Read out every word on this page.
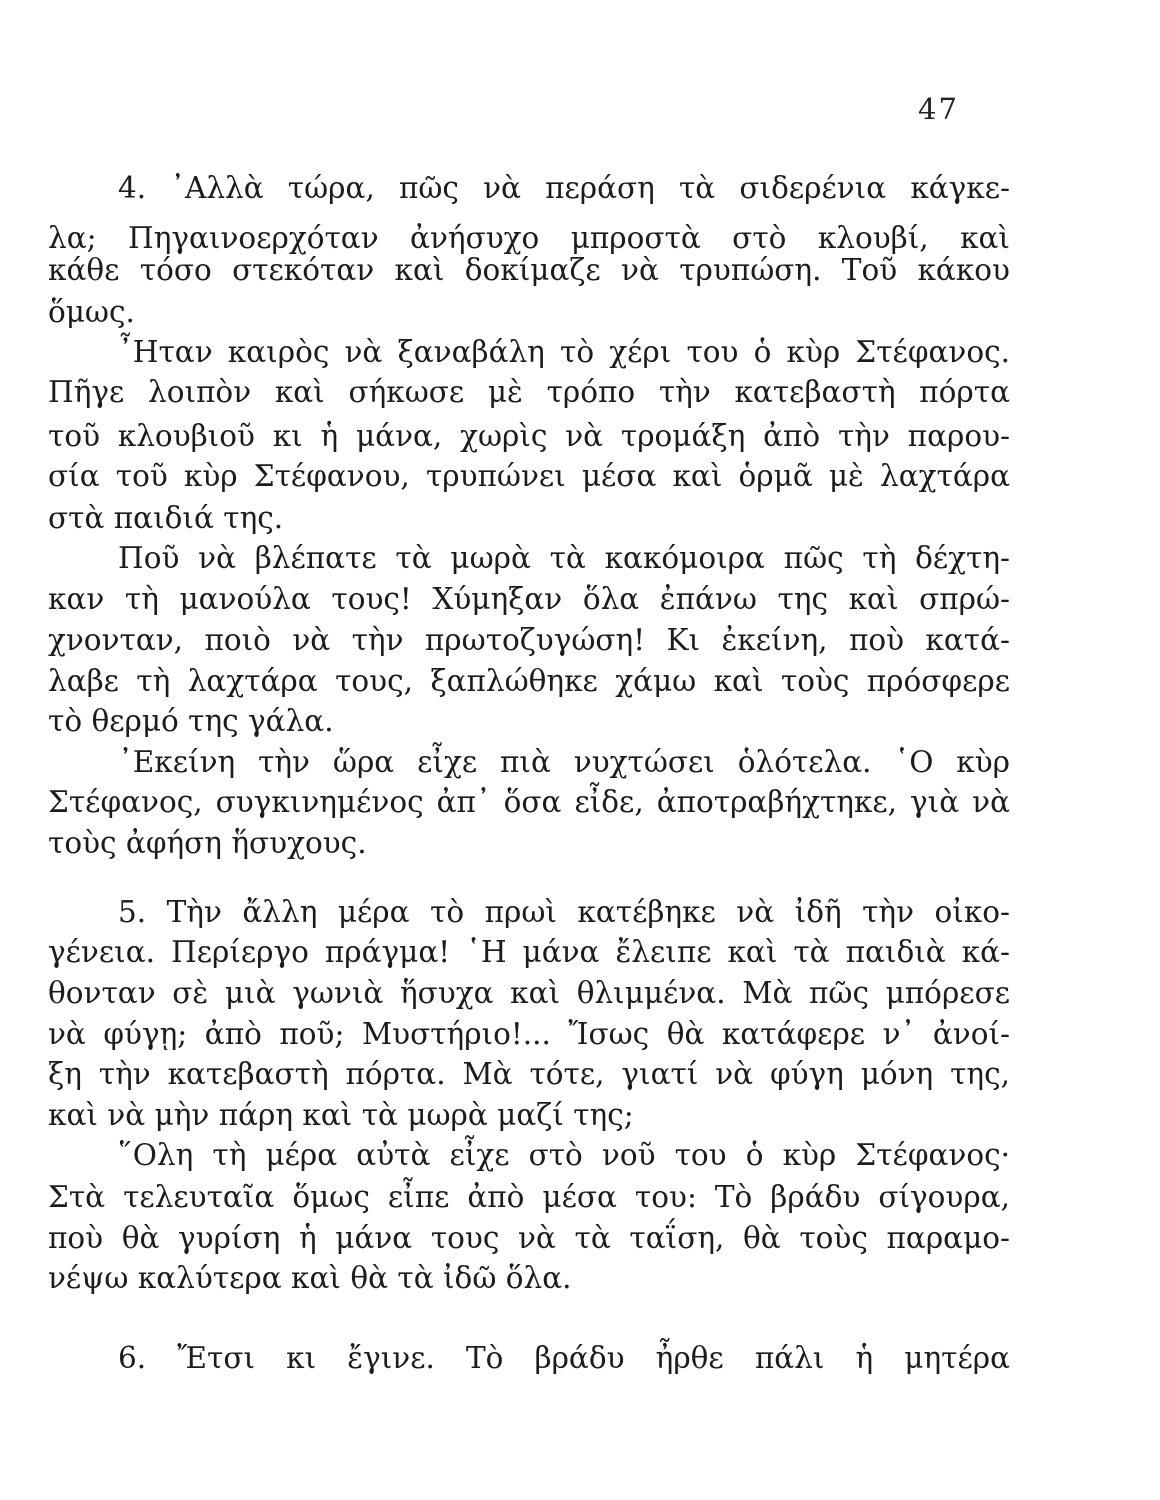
47
4. ᾿Αλλὰ τώρα, πῶς νὰ περάση τὰ σιδερένια κάγκε-
λα; Πηγαινοερχόταν ἀνήσυχο μπροστὰ στὸ κλουβί, καὶ
κάθε τόσο στεκόταν καὶ δοκίμαζε νὰ τρυπώση. Τοῦ κάκου
ὅμως.
῏Ηταν καιρὸς νὰ ξαναβάλη τὸ χέρι του ὁ κὺρ Στέφανος.
Πῆγε λοιπὸν καὶ σήκωσε μὲ τρόπο τὴν κατεβαστὴ πόρτα
τοῦ κλουβιοῦ κι ἡ μάνα, χωρὶς νὰ τρομάξη ἀπὸ τὴν παρου-
σία τοῦ κὺρ Στέφανου, τρυπώνει μέσα καὶ ὁρμᾶ μὲ λαχτάρα
στὰ παιδιά της.
Ποῦ νὰ βλέπατε τὰ μωρὰ τὰ κακόμοιρα πῶς τὴ δέχτη-
καν τὴ μανούλα τους! Χύμηξαν ὅλα ἐπάνω της καὶ σπρώ-
χνονταν, ποιὸ νὰ τὴν πρωτοζυγώση! Κι ἐκείνη, ποὺ κατά-
λαβε τὴ λαχτάρα τους, ξαπλώθηκε χάμω καὶ τοὺς πρόσφερε
τὸ θερμό της γάλα.
᾿Εκείνη τὴν ὥρα εἶχε πιὰ νυχτώσει ὁλότελα. ῾Ο κὺρ
Στέφανος, συγκινημένος ἀπ᾿ ὅσα εἶδε, ἀποτραβήχτηκε, γιὰ νὰ
τοὺς ἀφήση ἥσυχους.
5. Τὴν ἄλλη μέρα τὸ πρωὶ κατέβηκε νὰ ἰδῆ τὴν οἰκο-
γένεια. Περίεργο πράγμα! ῾Η μάνα ἔλειπε καὶ τὰ παιδιὰ κά-
θονταν σὲ μιὰ γωνιὰ ἥσυχα καὶ θλιμμένα. Μὰ πῶς μπόρεσε
νὰ φύγῃ; ἀπὸ ποῦ; Μυστήριο!... Ἴσως θὰ κατάφερε ν᾿ ἀνοί-
ξη τὴν κατεβαστὴ πόρτα. Μὰ τότε, γιατί νὰ φύγη μόνη της,
καὶ νὰ μὴν πάρη καὶ τὰ μωρὰ μαζί της;
῞Ολη τὴ μέρα αὐτὰ εἶχε στὸ νοῦ του ὁ κὺρ Στέφανος·
Στὰ τελευταῖα ὅμως εἶπε ἀπὸ μέσα του: Τὸ βράδυ σίγουρα,
ποὺ θὰ γυρίση ἡ μάνα τους νὰ τὰ ταΐση, θὰ τοὺς παραμο-
νέψω καλύτερα καὶ θὰ τὰ ἰδῶ ὅλα.
6. Ἔτσι κι ἔγινε. Τὸ βράδυ ἦρθε πάλι ἡ μητέρα
